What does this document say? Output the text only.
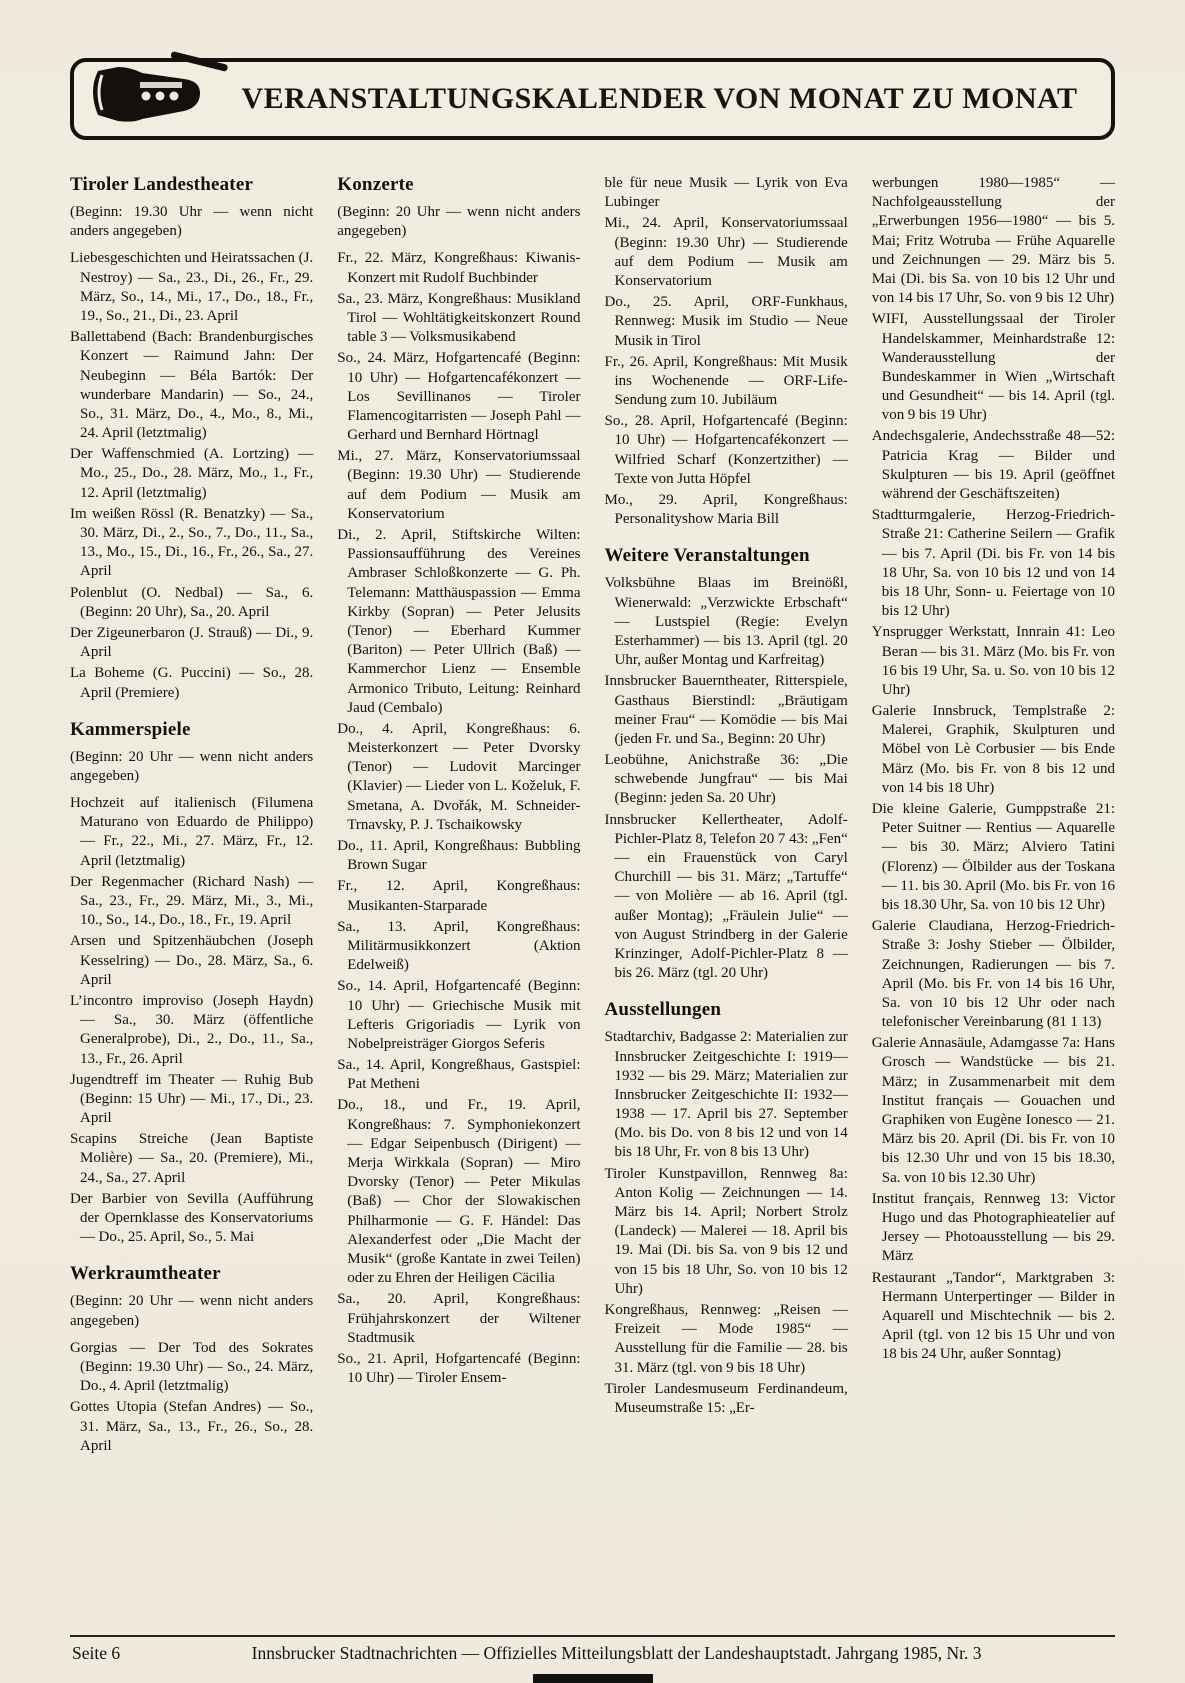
VERANSTALTUNGSKALENDER VON MONAT ZU MONAT
Tiroler Landestheater

(Beginn: 19.30 Uhr — wenn nicht anders angegeben)

Liebesgeschichten und Heiratssachen (J. Nestroy) — Sa., 23., Di., 26., Fr., 29. März, So., 14., Mi., 17., Do., 18., Fr., 19., So., 21., Di., 23. April

Ballettabend (Bach: Brandenburgisches Konzert — Raimund Jahn: Der Neubeginn — Béla Bartók: Der wunderbare Mandarin) — So., 24., So., 31. März, Do., 4., Mo., 8., Mi., 24. April (letztmalig)

Der Waffenschmied (A. Lortzing) — Mo., 25., Do., 28. März, Mo., 1., Fr., 12. April (letztmalig)

Im weißen Rössl (R. Benatzky) — Sa., 30. März, Di., 2., So., 7., Do., 11., Sa., 13., Mo., 15., Di., 16., Fr., 26., Sa., 27. April

Polenblut (O. Nedbal) — Sa., 6. (Beginn: 20 Uhr), Sa., 20. April

Der Zigeunerbaron (J. Strauß) — Di., 9. April

La Boheme (G. Puccini) — So., 28. April (Premiere)

Kammerspiele

(Beginn: 20 Uhr — wenn nicht anders angegeben)

Hochzeit auf italienisch (Filumena Maturano von Eduardo de Philippo) — Fr., 22., Mi., 27. März, Fr., 12. April (letztmalig)

Der Regenmacher (Richard Nash) — Sa., 23., Fr., 29. März, Mi., 3., Mi., 10., So., 14., Do., 18., Fr., 19. April

Arsen und Spitzenhäubchen (Joseph Kesselring) — Do., 28. März, Sa., 6. April

L’incontro improviso (Joseph Haydn) — Sa., 30. März (öffentliche Generalprobe), Di., 2., Do., 11., Sa., 13., Fr., 26. April

Jugendtreff im Theater — Ruhig Bub (Beginn: 15 Uhr) — Mi., 17., Di., 23. April

Scapins Streiche (Jean Baptiste Molière) — Sa., 20. (Premiere), Mi., 24., Sa., 27. April

Der Barbier von Sevilla (Aufführung der Opernklasse des Konservatoriums — Do., 25. April, So., 5. Mai

Werkraumtheater

(Beginn: 20 Uhr — wenn nicht anders angegeben)

Gorgias — Der Tod des Sokrates (Beginn: 19.30 Uhr) — So., 24. März, Do., 4. April (letztmalig)

Gottes Utopia (Stefan Andres) — So., 31. März, Sa., 13., Fr., 26., So., 28. April

Konzerte

(Beginn: 20 Uhr — wenn nicht anders angegeben)

Fr., 22. März, Kongreßhaus: Kiwanis-Konzert mit Rudolf Buchbinder

Sa., 23. März, Kongreßhaus: Musikland Tirol — Wohltätigkeitskonzert Round table 3 — Volksmusikabend

So., 24. März, Hofgartencafé (Beginn: 10 Uhr) — Hofgartencafékonzert — Los Sevillinanos — Tiroler Flamencogitarristen — Joseph Pahl — Gerhard und Bernhard Hörtnagl

Mi., 27. März, Konservatoriumssaal (Beginn: 19.30 Uhr) — Studierende auf dem Podium — Musik am Konservatorium

Di., 2. April, Stiftskirche Wilten: Passionsaufführung des Vereines Ambraser Schloßkonzerte — G. Ph. Telemann: Matthäuspassion — Emma Kirkby (Sopran) — Peter Jelusits (Tenor) — Eberhard Kummer (Bariton) — Peter Ullrich (Baß) — Kammerchor Lienz — Ensemble Armonico Tributo, Leitung: Reinhard Jaud (Cembalo)

Do., 4. April, Kongreßhaus: 6. Meisterkonzert — Peter Dvorsky (Tenor) — Ludovit Marcinger (Klavier) — Lieder von L. Koželuk, F. Smetana, A. Dvořák, M. Schneider-Trnavsky, P. J. Tschaikowsky

Do., 11. April, Kongreßhaus: Bubbling Brown Sugar

Fr., 12. April, Kongreßhaus: Musikanten-Starparade

Sa., 13. April, Kongreßhaus: Militärmusikkonzert (Aktion Edelweiß)

So., 14. April, Hofgartencafé (Beginn: 10 Uhr) — Griechische Musik mit Lefteris Grigoriadis — Lyrik von Nobelpreisträger Giorgos Seferis

Sa., 14. April, Kongreßhaus, Gastspiel: Pat Metheni

Do., 18., und Fr., 19. April, Kongreßhaus: 7. Symphoniekonzert — Edgar Seipenbusch (Dirigent) — Merja Wirkkala (Sopran) — Miro Dvorsky (Tenor) — Peter Mikulas (Baß) — Chor der Slowakischen Philharmonie — G. F. Händel: Das Alexanderfest oder „Die Macht der Musik“ (große Kantate in zwei Teilen) oder zu Ehren der Heiligen Cäcilia

Sa., 20. April, Kongreßhaus: Frühjahrskonzert der Wiltener Stadtmusik

So., 21. April, Hofgartencafé (Beginn: 10 Uhr) — Tiroler Ensem-

ble für neue Musik — Lyrik von Eva Lubinger

Mi., 24. April, Konservatoriumssaal (Beginn: 19.30 Uhr) — Studierende auf dem Podium — Musik am Konservatorium

Do., 25. April, ORF-Funkhaus, Rennweg: Musik im Studio — Neue Musik in Tirol

Fr., 26. April, Kongreßhaus: Mit Musik ins Wochenende — ORF-Life-Sendung zum 10. Jubiläum

So., 28. April, Hofgartencafé (Beginn: 10 Uhr) — Hofgartencafékonzert — Wilfried Scharf (Konzertzither) — Texte von Jutta Höpfel

Mo., 29. April, Kongreßhaus: Personalityshow Maria Bill

Weitere Veranstaltungen

Volksbühne Blaas im Breinößl, Wienerwald: „Verzwickte Erbschaft“ — Lustspiel (Regie: Evelyn Esterhammer) — bis 13. April (tgl. 20 Uhr, außer Montag und Karfreitag)

Innsbrucker Bauerntheater, Ritterspiele, Gasthaus Bierstindl: „Bräutigam meiner Frau“ — Komödie — bis Mai (jeden Fr. und Sa., Beginn: 20 Uhr)

Leobühne, Anichstraße 36: „Die schwebende Jungfrau“ — bis Mai (Beginn: jeden Sa. 20 Uhr)

Innsbrucker Kellertheater, Adolf-Pichler-Platz 8, Telefon 20 7 43: „Fen“ — ein Frauenstück von Caryl Churchill — bis 31. März; „Tartuffe“ — von Molière — ab 16. April (tgl. außer Montag); „Fräulein Julie“ — von August Strindberg in der Galerie Krinzinger, Adolf-Pichler-Platz 8 — bis 26. März (tgl. 20 Uhr)

Ausstellungen

Stadtarchiv, Badgasse 2: Materialien zur Innsbrucker Zeitgeschichte I: 1919—1932 — bis 29. März; Materialien zur Innsbrucker Zeitgeschichte II: 1932—1938 — 17. April bis 27. September (Mo. bis Do. von 8 bis 12 und von 14 bis 18 Uhr, Fr. von 8 bis 13 Uhr)

Tiroler Kunstpavillon, Rennweg 8a: Anton Kolig — Zeichnungen — 14. März bis 14. April; Norbert Strolz (Landeck) — Malerei — 18. April bis 19. Mai (Di. bis Sa. von 9 bis 12 und von 15 bis 18 Uhr, So. von 10 bis 12 Uhr)

Kongreßhaus, Rennweg: „Reisen — Freizeit — Mode 1985“ — Ausstellung für die Familie — 28. bis 31. März (tgl. von 9 bis 18 Uhr)

Tiroler Landesmuseum Ferdinandeum, Museumstraße 15: „Er-

werbungen 1980—1985“ — Nachfolgeausstellung der „Erwerbungen 1956—1980“ — bis 5. Mai; Fritz Wotruba — Frühe Aquarelle und Zeichnungen — 29. März bis 5. Mai (Di. bis Sa. von 10 bis 12 Uhr und von 14 bis 17 Uhr, So. von 9 bis 12 Uhr)

WIFI, Ausstellungssaal der Tiroler Handelskammer, Meinhardstraße 12: Wanderausstellung der Bundeskammer in Wien „Wirtschaft und Gesundheit“ — bis 14. April (tgl. von 9 bis 19 Uhr)

Andechsgalerie, Andechsstraße 48—52: Patricia Krag — Bilder und Skulpturen — bis 19. April (geöffnet während der Geschäftszeiten)

Stadtturmgalerie, Herzog-Friedrich-Straße 21: Catherine Seilern — Grafik — bis 7. April (Di. bis Fr. von 14 bis 18 Uhr, Sa. von 10 bis 12 und von 14 bis 18 Uhr, Sonn- u. Feiertage von 10 bis 12 Uhr)

Ynsprugger Werkstatt, Innrain 41: Leo Beran — bis 31. März (Mo. bis Fr. von 16 bis 19 Uhr, Sa. u. So. von 10 bis 12 Uhr)

Galerie Innsbruck, Templstraße 2: Malerei, Graphik, Skulpturen und Möbel von Lè Corbusier — bis Ende März (Mo. bis Fr. von 8 bis 12 und von 14 bis 18 Uhr)

Die kleine Galerie, Gumppstraße 21: Peter Suitner — Rentius — Aquarelle — bis 30. März; Alviero Tatini (Florenz) — Ölbilder aus der Toskana — 11. bis 30. April (Mo. bis Fr. von 16 bis 18.30 Uhr, Sa. von 10 bis 12 Uhr)

Galerie Claudiana, Herzog-Friedrich-Straße 3: Joshy Stieber — Ölbilder, Zeichnungen, Radierungen — bis 7. April (Mo. bis Fr. von 14 bis 16 Uhr, Sa. von 10 bis 12 Uhr oder nach telefonischer Vereinbarung (81 1 13)

Galerie Annasäule, Adamgasse 7a: Hans Grosch — Wandstücke — bis 21. März; in Zusammenarbeit mit dem Institut français — Gouachen und Graphiken von Eugène Ionesco — 21. März bis 20. April (Di. bis Fr. von 10 bis 12.30 Uhr und von 15 bis 18.30, Sa. von 10 bis 12.30 Uhr)

Institut français, Rennweg 13: Victor Hugo und das Photographieatelier auf Jersey — Photoausstellung — bis 29. März

Restaurant „Tandor“, Marktgraben 3: Hermann Unterpertinger — Bilder in Aquarell und Mischtechnik — bis 2. April (tgl. von 12 bis 15 Uhr und von 18 bis 24 Uhr, außer Sonntag)

Seite 6	Innsbrucker Stadtnachrichten — Offizielles Mitteilungsblatt der Landeshauptstadt. Jahrgang 1985, Nr. 3
